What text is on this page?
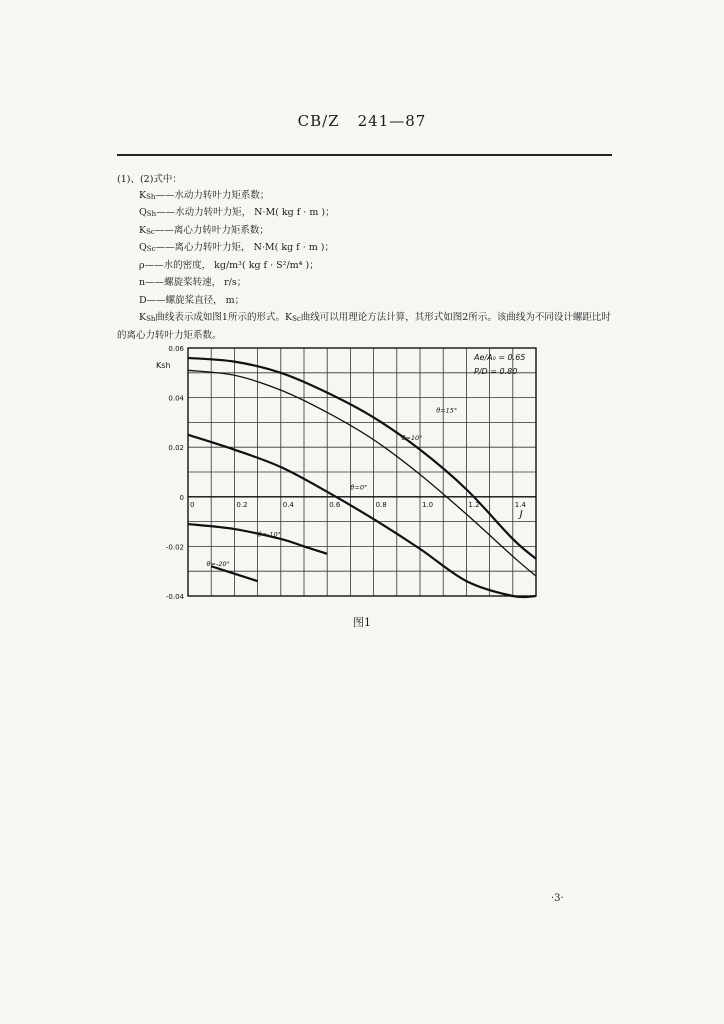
CB/Z 241—87
(1)、(2)式中：
KSh——水动力转叶力矩系数；
QSh——水动力转叶力矩， N·M( kg f · m )；
KSc——离心力转叶力矩系数；
QSc——离心力转叶力矩， N·M( kg f · m )；
ρ——水的密度， kg/m³( kg f · S²/m⁴ )；
n——螺旋桨转速， r/s；
D——螺旋桨直径， m；
KSh曲线表示成如图1所示的形式。KSc曲线可以用理论方法计算，其形式如图2所示。该曲线为不同设计螺距比时的离心力转叶力矩系数。
0.06
0.04
0.02
0
-0.02
-0.04
0	0.2	0.4	0.6	0.8	1.0	1.2	1.4
J
Ksh
Ae/A₀ = 0.65
P/D = 0.80
θ=15°
θ=10°
θ=0°
θ=-10°
θ=-20°
图1
·3·
